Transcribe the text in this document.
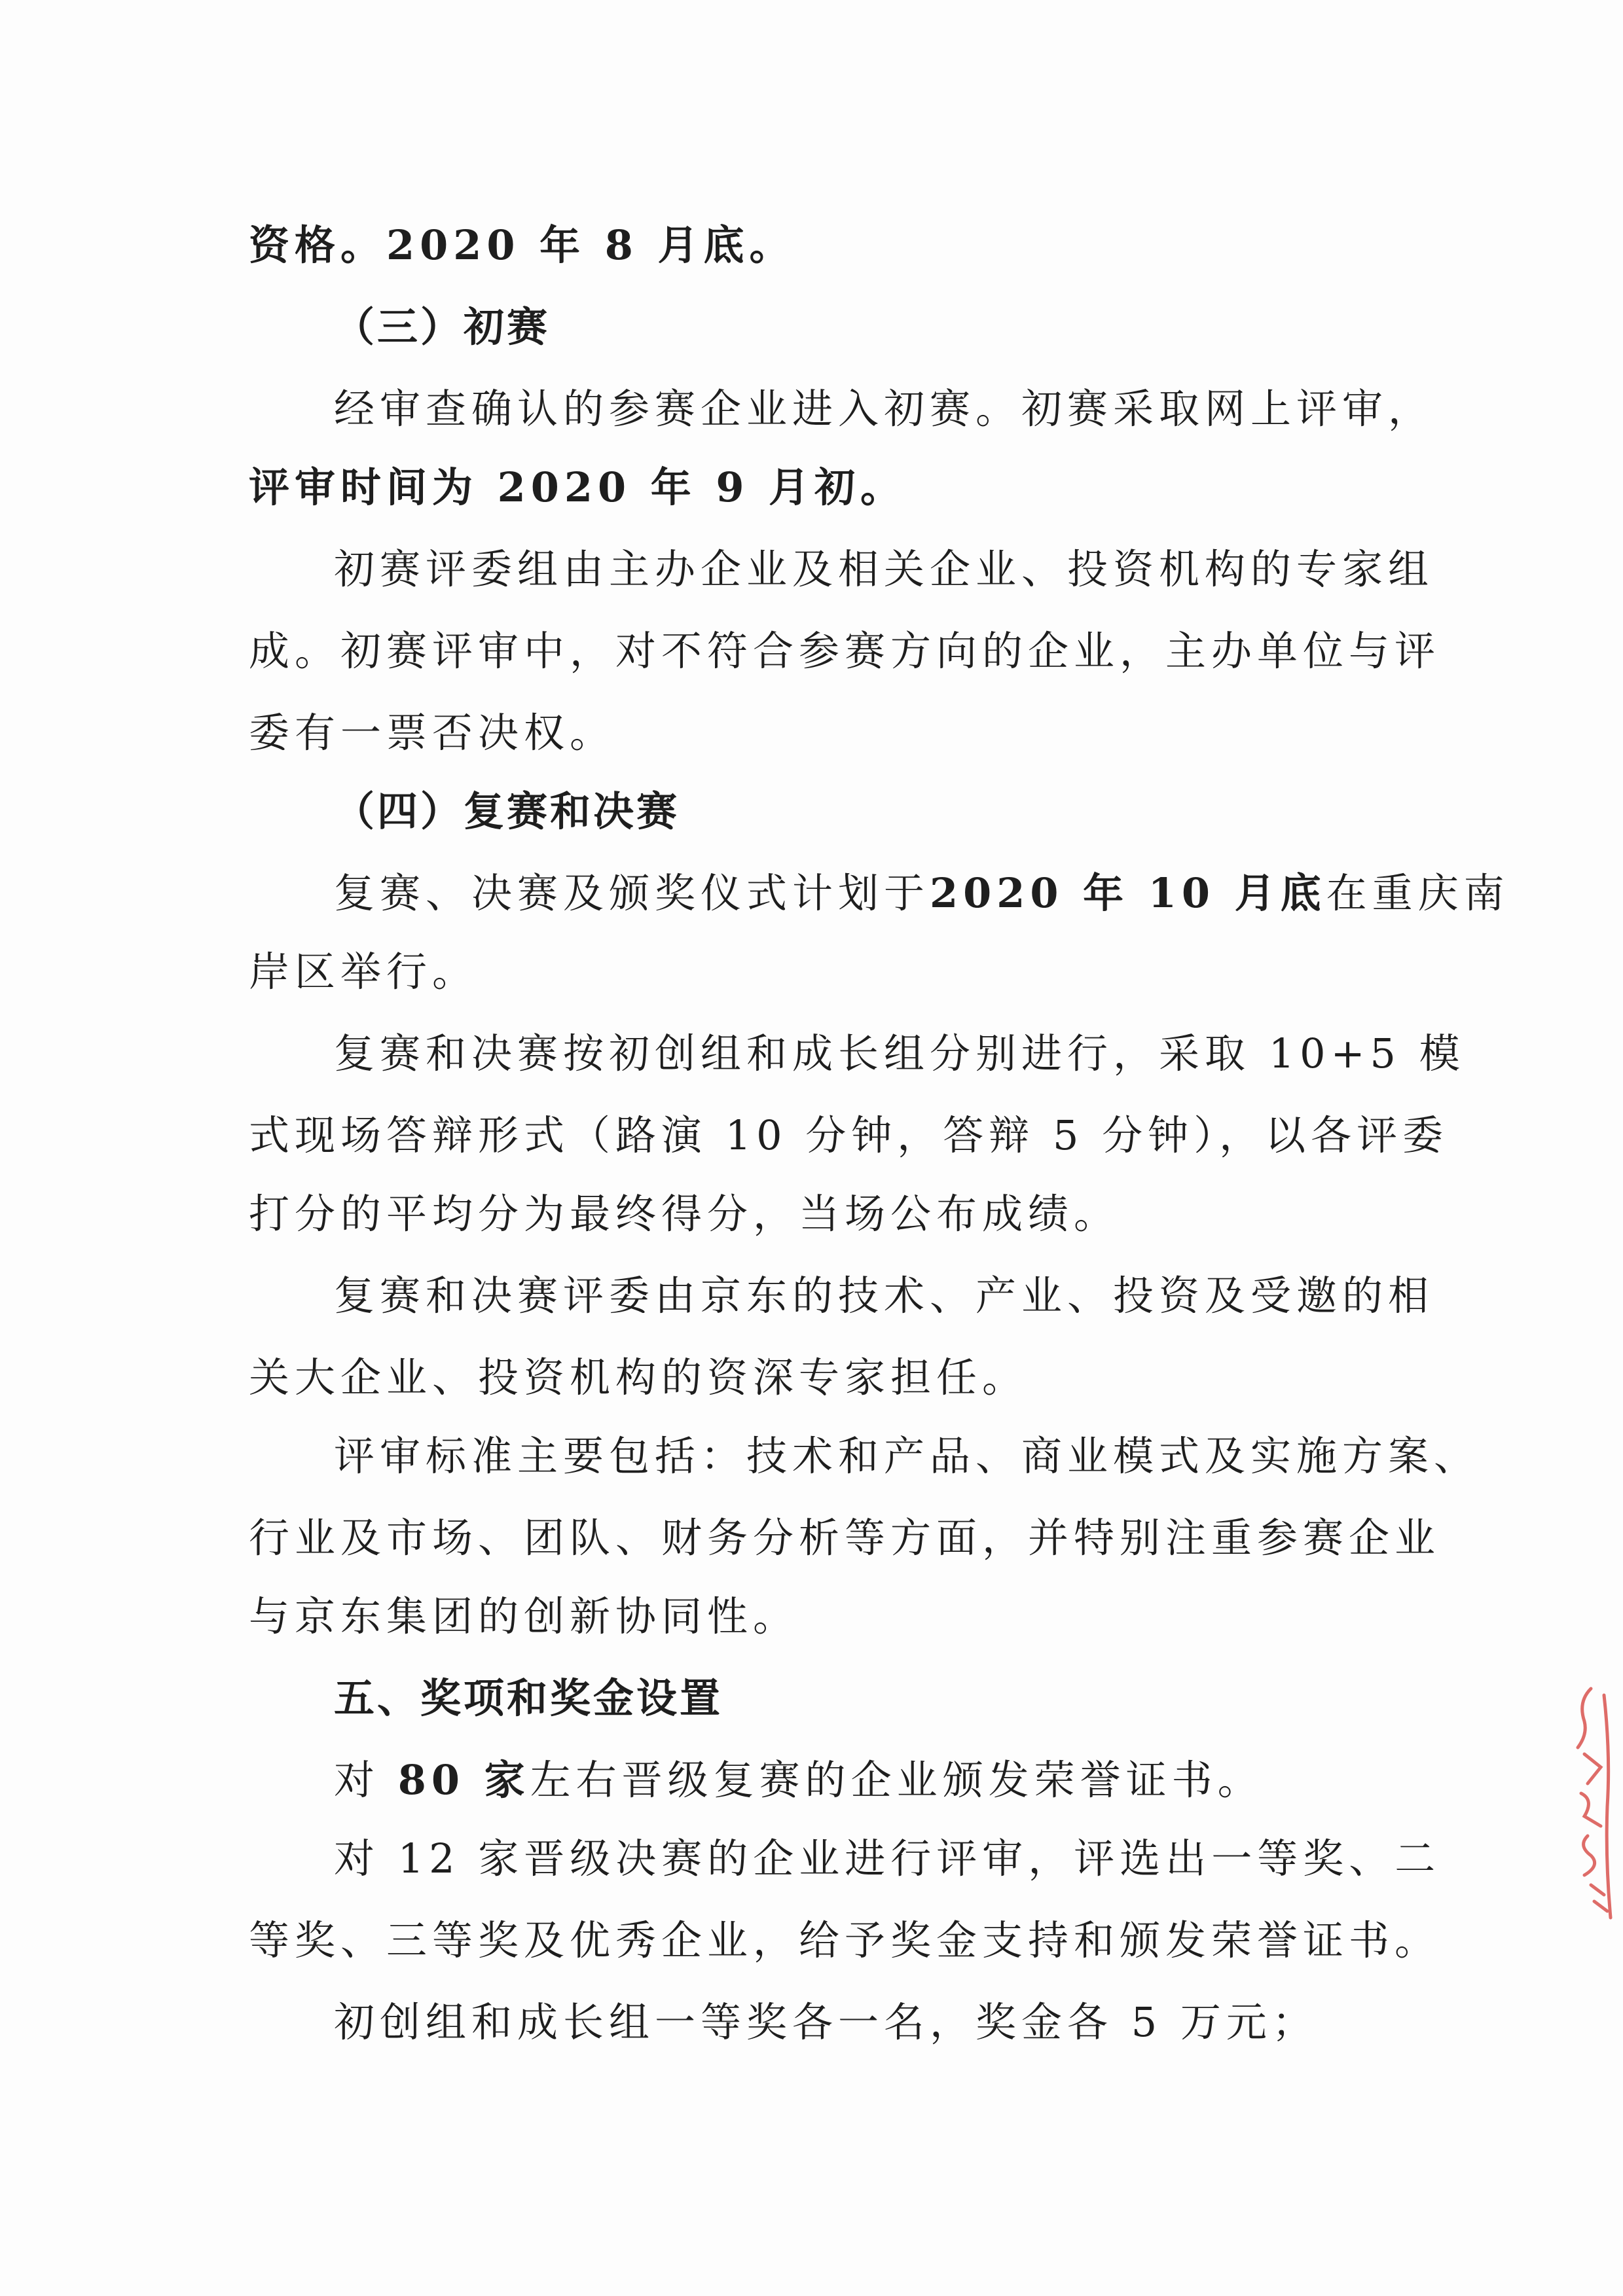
资格。2020 年 8 月底。
（三）初赛
经审查确认的参赛企业进入初赛。初赛采取网上评审，
评审时间为 2020 年 9 月初。
初赛评委组由主办企业及相关企业、投资机构的专家组
成。初赛评审中，对不符合参赛方向的企业，主办单位与评
委有一票否决权。
（四）复赛和决赛
复赛、决赛及颁奖仪式计划于2020 年 10 月底在重庆南
岸区举行。
复赛和决赛按初创组和成长组分别进行，采取 10+5 模
式现场答辩形式（路演 10 分钟，答辩 5 分钟），以各评委
打分的平均分为最终得分，当场公布成绩。
复赛和决赛评委由京东的技术、产业、投资及受邀的相
关大企业、投资机构的资深专家担任。
评审标准主要包括：技术和产品、商业模式及实施方案、
行业及市场、团队、财务分析等方面，并特别注重参赛企业
与京东集团的创新协同性。
五、奖项和奖金设置
对 80 家左右晋级复赛的企业颁发荣誉证书。
对 12 家晋级决赛的企业进行评审，评选出一等奖、二
等奖、三等奖及优秀企业，给予奖金支持和颁发荣誉证书。
初创组和成长组一等奖各一名，奖金各 5 万元；
